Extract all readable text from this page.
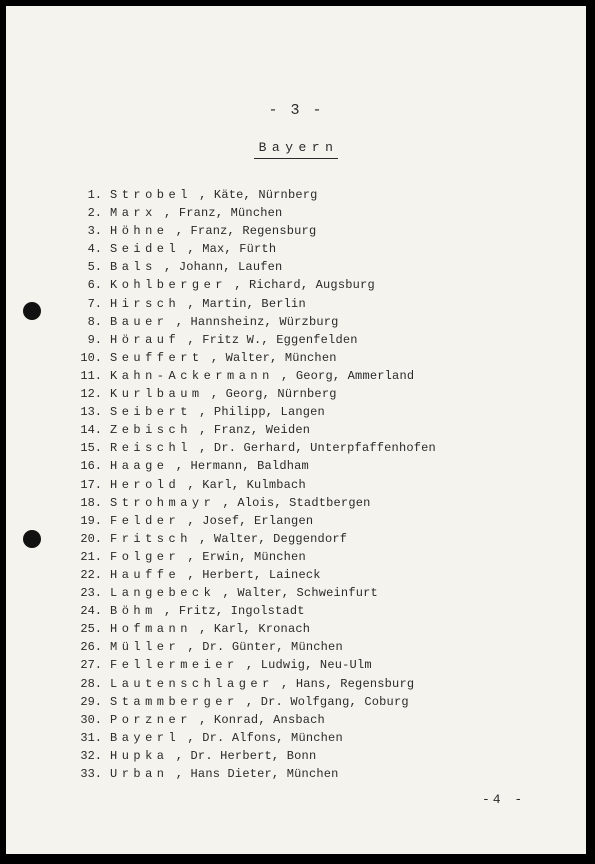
- 3 -
Bayern
1. Strobel , Käte, Nürnberg
2. Marx , Franz, München
3. Höhne , Franz, Regensburg
4. Seidel , Max, Fürth
5. Bals , Johann, Laufen
6. Kohlberger , Richard, Augsburg
7. Hirsch , Martin, Berlin
8. Bauer , Hannsheinz, Würzburg
9. Hörauf , Fritz W., Eggenfelden
10. Seuffert , Walter, München
11. Kahn-Ackermann , Georg, Ammerland
12. Kurlbaum , Georg, Nürnberg
13. Seibert , Philipp, Langen
14. Zebisch , Franz, Weiden
15. Reischl , Dr. Gerhard, Unterpfaffenhofen
16. Haage , Hermann, Baldham
17. Herold , Karl, Kulmbach
18. Strohmayr , Alois, Stadtbergen
19. Felder , Josef, Erlangen
20. Fritsch , Walter, Deggendorf
21. Folger , Erwin, München
22. Hauffe , Herbert, Laineck
23. Langebeck , Walter, Schweinfurt
24. Böhm , Fritz, Ingolstadt
25. Hofmann , Karl, Kronach
26. Müller , Dr. Günter, München
27. Fellermeier , Ludwig, Neu-Ulm
28. Lautenschlager , Hans, Regensburg
29. Stammberger , Dr. Wolfgang, Coburg
30. Porzner , Konrad, Ansbach
31. Bayerl , Dr. Alfons, München
32. Hupka , Dr. Herbert, Bonn
33. Urban , Hans Dieter, München
-4 -
